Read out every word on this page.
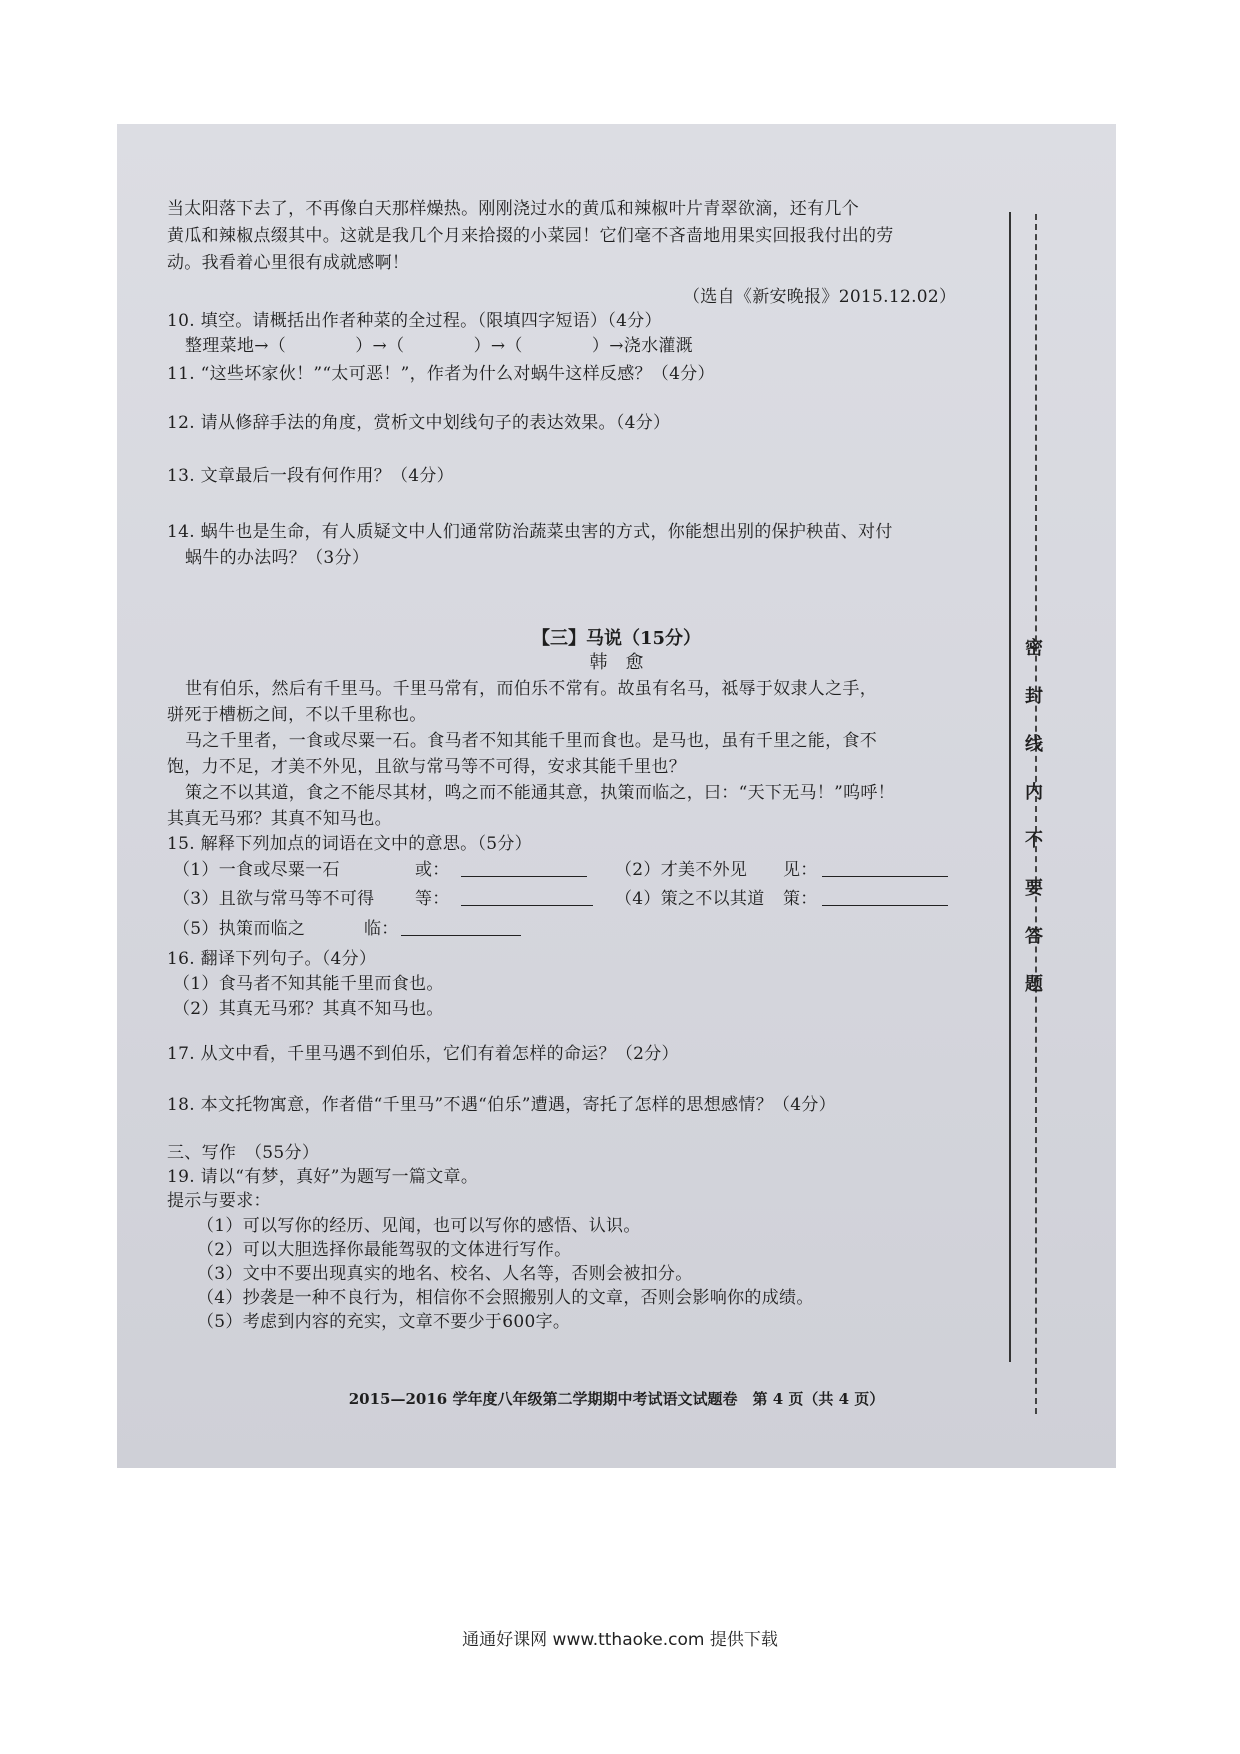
当太阳落下去了，不再像白天那样燥热。刚刚浇过水的黄瓜和辣椒叶片青翠欲滴，还有几个
黄瓜和辣椒点缀其中。这就是我几个月来拾掇的小菜园！它们毫不吝啬地用果实回报我付出的劳
动。我看着心里很有成就感啊！
（选自《新安晚报》2015.12.02）
10. 填空。请概括出作者种菜的全过程。（限填四字短语）（4分）
整理菜地→（　　　　）→（　　　　）→（　　　　）→浇水灌溉
11. “这些坏家伙！”“太可恶！”，作者为什么对蜗牛这样反感？（4分）
12. 请从修辞手法的角度，赏析文中划线句子的表达效果。（4分）
13. 文章最后一段有何作用？（4分）
14. 蜗牛也是生命，有人质疑文中人们通常防治蔬菜虫害的方式，你能想出别的保护秧苗、对付
蜗牛的办法吗？（3分）
【三】马说（15分）
韩　愈
世有伯乐，然后有千里马。千里马常有，而伯乐不常有。故虽有名马，祗辱于奴隶人之手，
骈死于槽枥之间，不以千里称也。
马之千里者，一食或尽粟一石。食马者不知其能千里而食也。是马也，虽有千里之能，食不
饱，力不足，才美不外见，且欲与常马等不可得，安求其能千里也？
策之不以其道，食之不能尽其材，鸣之而不能通其意，执策而临之，曰：“天下无马！”呜呼！
其真无马邪？其真不知马也。
15. 解释下列加点的词语在文中的意思。（5分）
（1）一食或尽粟一石	或：	（2）才美不外见 见：
（3）且欲与常马等不可得 等：	（4）策之不以其道 策：
（5）执策而临之	临：
16. 翻译下列句子。（4分）
（1）食马者不知其能千里而食也。
（2）其真无马邪？其真不知马也。
17. 从文中看，千里马遇不到伯乐，它们有着怎样的命运？（2分）
18. 本文托物寓意，作者借“千里马”不遇“伯乐”遭遇，寄托了怎样的思想感情？（4分）
三、写作　（55分）
19. 请以“有梦，真好”为题写一篇文章。
提示与要求：
（1）可以写你的经历、见闻，也可以写你的感悟、认识。
（2）可以大胆选择你最能驾驭的文体进行写作。
（3）文中不要出现真实的地名、校名、人名等，否则会被扣分。
（4）抄袭是一种不良行为，相信你不会照搬别人的文章，否则会影响你的成绩。
（5）考虑到内容的充实，文章不要少于600字。
密
封
线
内
不
要
答
题
2015—2016 学年度八年级第二学期期中考试语文试题卷　第 4 页（共 4 页）
通通好课网 www.tthaoke.com 提供下载
